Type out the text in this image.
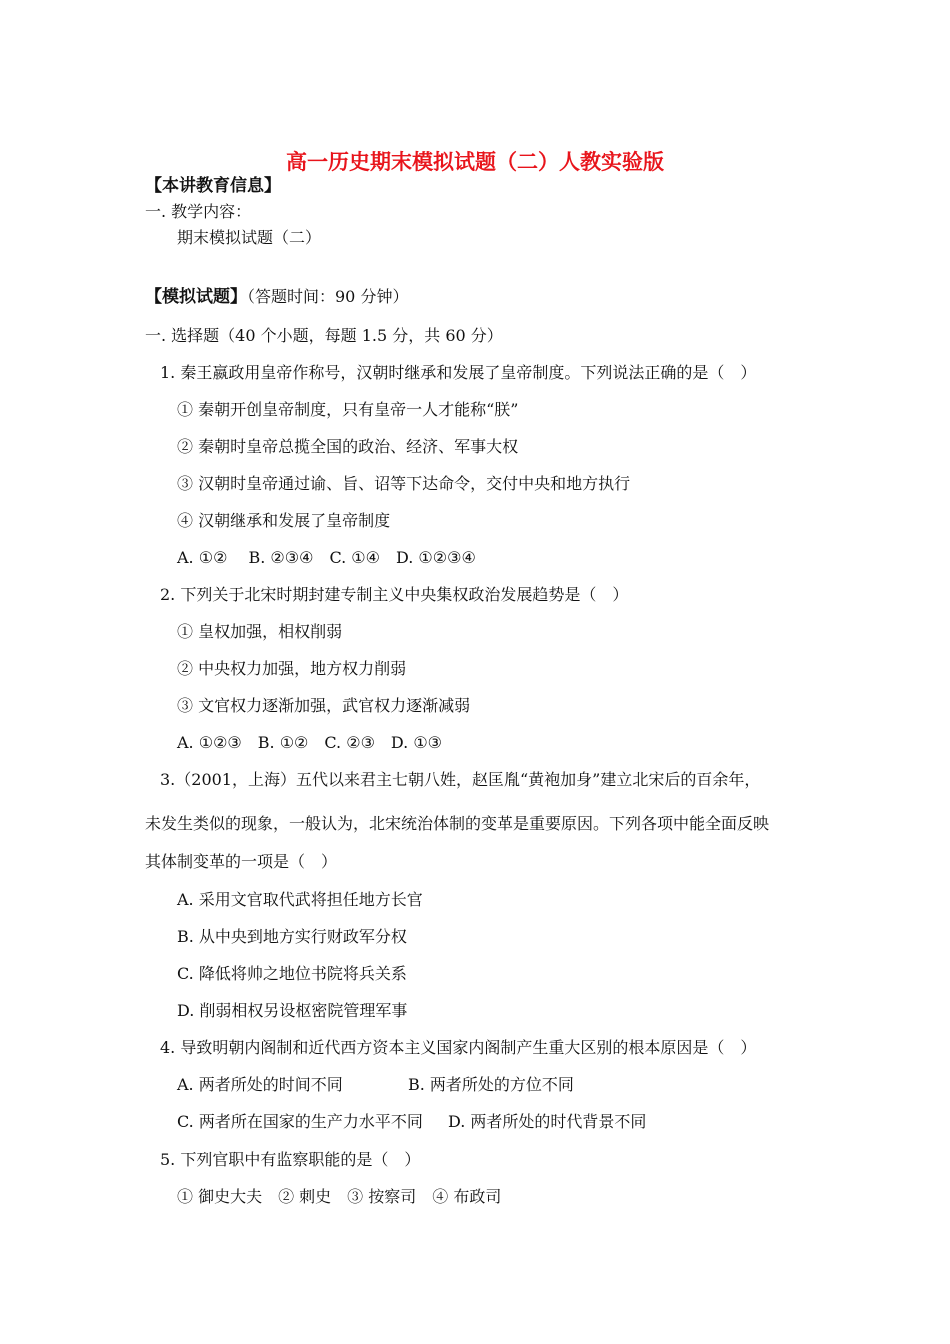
高一历史期末模拟试题（二）人教实验版
【本讲教育信息】
一. 教学内容：
期末模拟试题（二）
【模拟试题】（答题时间：90 分钟）
一. 选择题（40 个小题，每题 1.5 分，共 60 分）
1. 秦王嬴政用皇帝作称号，汉朝时继承和发展了皇帝制度。下列说法正确的是（　）
① 秦朝开创皇帝制度，只有皇帝一人才能称“朕”
② 秦朝时皇帝总揽全国的政治、经济、军事大权
③ 汉朝时皇帝通过谕、旨、诏等下达命令，交付中央和地方执行
④ 汉朝继承和发展了皇帝制度
A. ①②　 B. ②③④　C. ①④　D. ①②③④
2. 下列关于北宋时期封建专制主义中央集权政治发展趋势是（　）
① 皇权加强，相权削弱
② 中央权力加强，地方权力削弱
③ 文官权力逐渐加强，武官权力逐渐减弱
A. ①②③　B. ①②　C. ②③　D. ①③
3.（2001，上海）五代以来君主七朝八姓，赵匡胤“黄袍加身”建立北宋后的百余年，
未发生类似的现象，一般认为，北宋统治体制的变革是重要原因。下列各项中能全面反映
其体制变革的一项是（　）
A. 采用文官取代武将担任地方长官
B. 从中央到地方实行财政军分权
C. 降低将帅之地位书院将兵关系
D. 削弱相权另设枢密院管理军事
4. 导致明朝内阁制和近代西方资本主义国家内阁制产生重大区别的根本原因是（　）
A. 两者所处的时间不同	B. 两者所处的方位不同
C. 两者所在国家的生产力水平不同 D. 两者所处的时代背景不同
5. 下列官职中有监察职能的是（　）
① 御史大夫　② 刺史　③ 按察司　④ 布政司
